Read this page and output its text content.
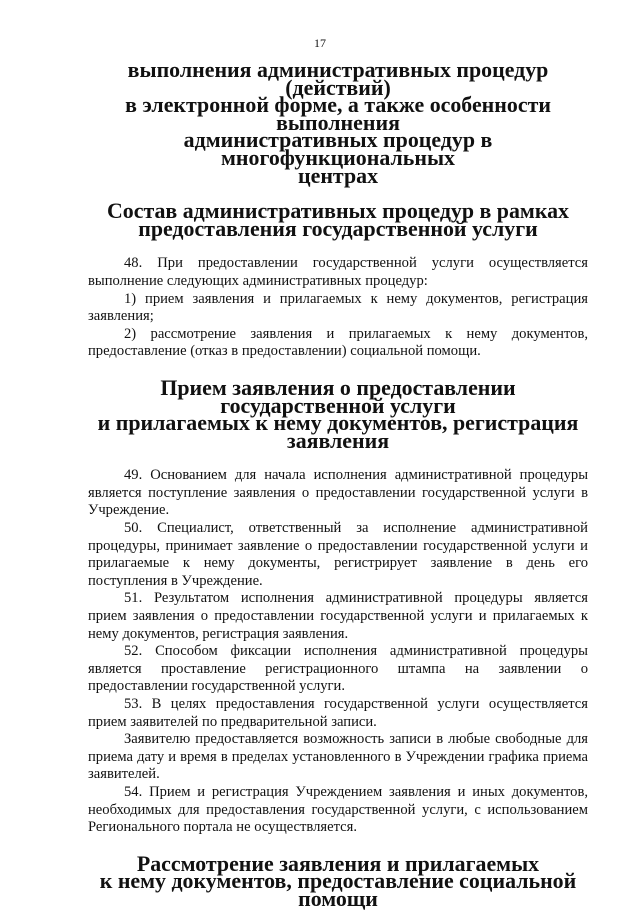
17
выполнения административных процедур (действий)
в электронной форме, а также особенности выполнения
административных процедур в многофункциональных
центрах
Состав административных процедур в рамках
предоставления государственной услуги

48. При предоставлении государственной услуги осуществляется выполнение следующих административных процедур:

1) прием заявления и прилагаемых к нему документов, регистрация заявления;

2) рассмотрение заявления и прилагаемых к нему документов, предоставление (отказ в предоставлении) социальной помощи.

Прием заявления о предоставлении государственной услуги
и прилагаемых к нему документов, регистрация заявления

49. Основанием для начала исполнения административной процедуры является поступление заявления о предоставлении государственной услуги в Учреждение.

50. Специалист, ответственный за исполнение административной процедуры, принимает заявление о предоставлении государственной услуги и прилагаемые к нему документы, регистрирует заявление в день его поступления в Учреждение.

51. Результатом исполнения административной процедуры является прием заявления о предоставлении государственной услуги и прилагаемых к нему документов, регистрация заявления.

52. Способом фиксации исполнения административной процедуры является проставление регистрационного штампа на заявлении о предоставлении государственной услуги.

53. В целях предоставления государственной услуги осуществляется прием заявителей по предварительной записи.

Заявителю предоставляется возможность записи в любые свободные для приема дату и время в пределах установленного в Учреждении графика приема заявителей.

54. Прием и регистрация Учреждением заявления и иных документов, необходимых для предоставления государственной услуги, с использованием Регионального портала не осуществляется.

Рассмотрение заявления и прилагаемых
к нему документов, предоставление социальной помощи
